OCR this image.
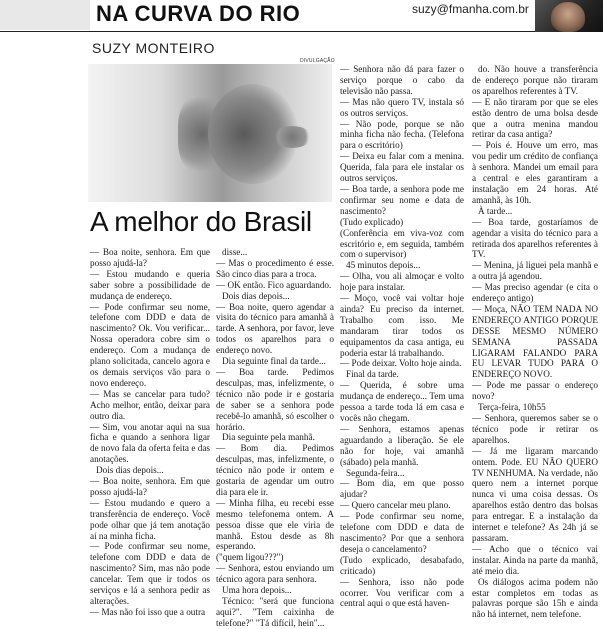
NA CURVA DO RIO	suzy@fmanha.com.br
SUZY MONTEIRO
DIVULGAÇÃO
A melhor do Brasil

— Boa noite, senhora. Em que posso ajudá-la?

— Estou mudando e queria saber sobre a possibilidade de mudança de endereço.

— Pode confirmar seu nome, telefone com DDD e data de nascimento? Ok. Vou verificar... Nossa operadora cobre sim o endereço. Com a mudança de plano solicitada, cancelo agora e os demais serviços vão para o novo endereço.

— Mas se cancelar para tudo? Acho melhor, então, deixar para outro dia.

— Sim, vou anotar aqui na sua ficha e quando a senhora ligar de novo fala da oferta feita e das anotações.

Dois dias depois...

— Boa noite, senhora. Em que posso ajudá-la?

— Estou mudando e quero a transferência de endereço. Você pode olhar que já tem anotação aí na minha ficha.

— Pode confirmar seu nome, telefone com DDD e data de nascimento? Sim, mas não pode cancelar. Tem que ir todos os serviços e lá a senhora pedir as alterações.

— Mas não foi isso que a outra

disse...

— Mas o procedimento é esse. São cinco dias para a troca.

— OK então. Fico aguardando.

Dois dias depois...

— Boa noite, quero agendar a visita do técnico para amanhã à tarde. A senhora, por favor, leve todos os aparelhos para o endereço novo.

Dia seguinte final da tarde...

— Boa tarde. Pedimos desculpas, mas, infelizmente, o técnico não pode ir e gostaria de saber se a senhora pode recebê-lo amanhã, só escolher o horário.

Dia seguinte pela manhã.

— Bom dia. Pedimos desculpas, mas, infelizmente, o técnico não pode ir ontem e gostaria de agendar um outro dia para ele ir.

— Minha filha, eu recebi esse mesmo telefonema ontem. A pessoa disse que ele viria de manhã. Estou desde as 8h esperando.

("quem ligou???")

— Senhora, estou enviando um técnico agora para senhora.

Uma hora depois...

Técnico: "será que funciona aqui?". "Tem caixinha de telefone?" "Tá difícil, hein"...

— Senhora não dá para fazer o serviço porque o cabo da televisão não passa.

— Mas não quero TV, instala só os outros serviços.

— Não pode, porque se não minha ficha não fecha. (Telefona para o escritório)

— Deixa eu falar com a menina. Querida, fala para ele instalar os outros serviços.

— Boa tarde, a senhora pode me confirmar seu nome e data de nascimento?

(Tudo explicado)

(Conferência em viva-voz com escritório e, em seguida, também com o supervisor)

45 minutos depois...

— Olha, vou ali almoçar e volto hoje para instalar.

— Moço, você vai voltar hoje ainda? Eu preciso da internet. Trabalho com isso. Me mandaram tirar todos os equipamentos da casa antiga, eu poderia estar lá trabalhando.

— Pode deixar. Volto hoje ainda.

Final da tarde.

— Querida, é sobre uma mudança de endereço... Tem uma pessoa a tarde toda lá em casa e vocês não chegam.

— Senhora, estamos apenas aguardando a liberação. Se ele não for hoje, vai amanhã (sábado) pela manhã.

Segunda-feira...

— Bom dia, em que posso ajudar?

— Quero cancelar meu plano.

— Pode confirmar seu nome, telefone com DDD e data de nascimento? Por que a senhora deseja o cancelamento?

(Tudo explicado, desabafado, criticado)

— Senhora, isso não pode ocorrer. Vou verificar com a central aqui o que está haven-

do. Não houve a transferência de endereço porque não tiraram os aparelhos referentes à TV.

— E não tiraram por que se eles estão dentro de uma bolsa desde que a outra menina mandou retirar da casa antiga?

— Pois é. Houve um erro, mas vou pedir um crédito de confiança à senhora. Mandei um email para a central e eles garantiram a instalação em 24 horas. Até amanhã, às 10h.

À tarde...

— Boa tarde, gostaríamos de agendar a visita do técnico para a retirada dos aparelhos referentes à TV.

— Menina, já liguei pela manhã e a outra já agendou.

— Mas preciso agendar (e cita o endereço antigo)

— Moça, NÃO TEM NADA NO ENDEREÇO ANTIGO PORQUE DESSE MESMO NÚMERO SEMANA PASSADA LIGARAM FALANDO PARA EU LEVAR TUDO PARA O ENDEREÇO NOVO.

— Pode me passar o endereço novo?

Terça-feira, 10h55

— Senhora, queremos saber se o técnico pode ir retirar os aparelhos.

— Já me ligaram marcando ontem. Pode. EU NÃO QUERO TV NENHUMA. Na verdade, não quero nem a internet porque nunca vi uma coisa dessas. Os aparelhos estão dentro das bolsas para entregar. E a instalação da internet e telefone? As 24h já se passaram.

— Acho que o técnico vai instalar. Ainda na parte da manhã, até meio dia.

Os diálogos acima podem não estar completos em todas as palavras porque são 15h e ainda não há internet, nem telefone.
